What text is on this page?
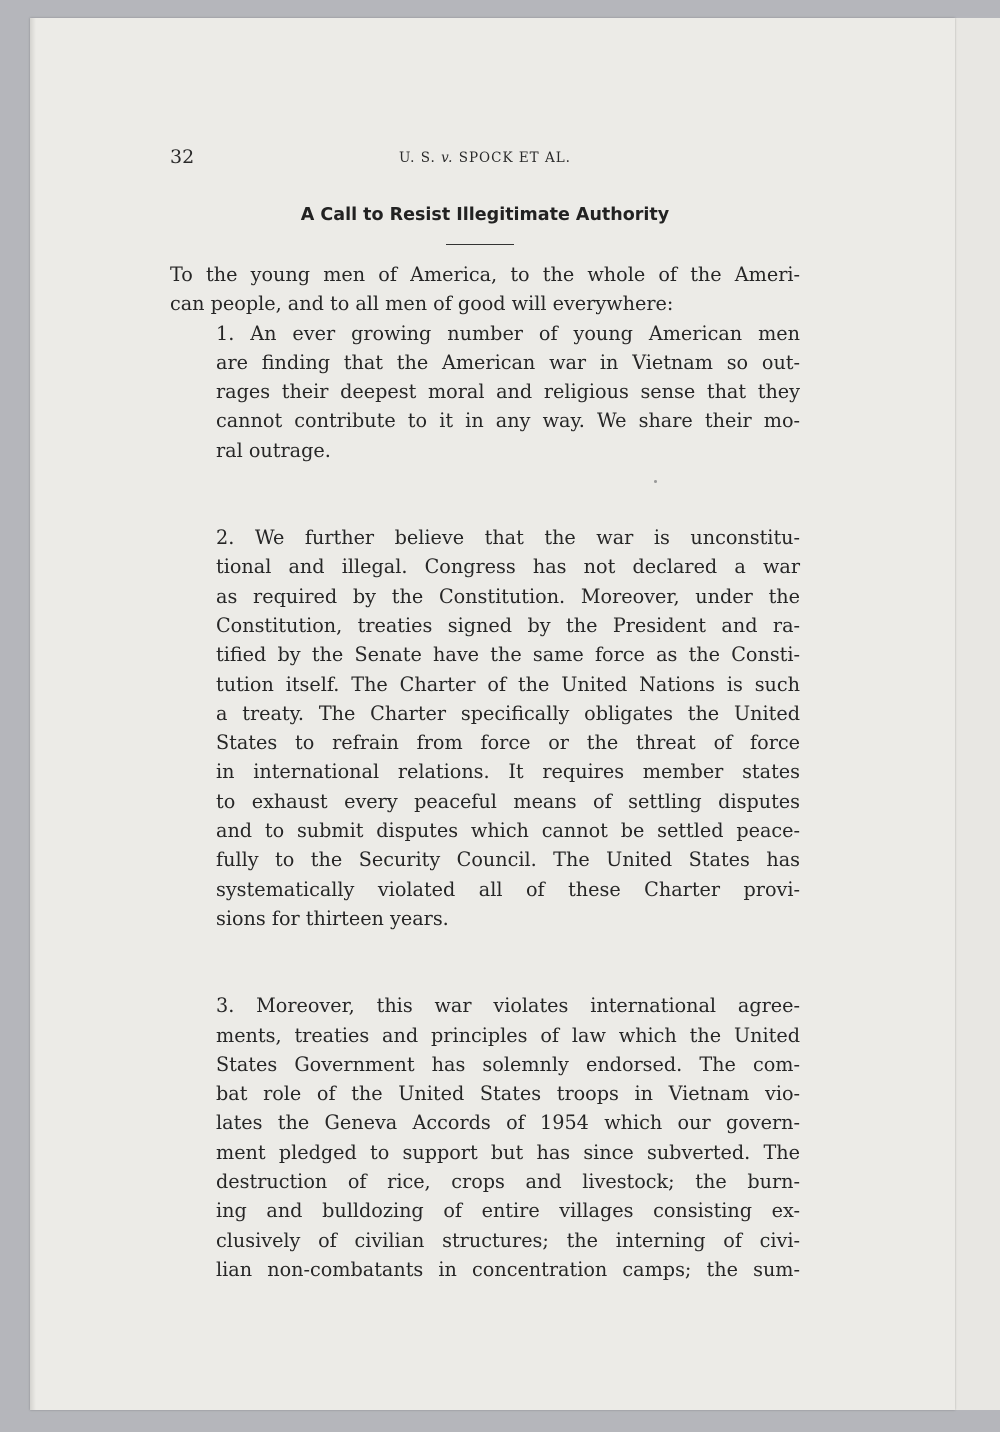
32	U. S. v. SPOCK ET AL.
A Call to Resist Illegitimate Authority
To the young men of America, to the whole of the Ameri-
can people, and to all men of good will everywhere:
1. An ever growing number of young American men
are finding that the American war in Vietnam so out-
rages their deepest moral and religious sense that they
cannot contribute to it in any way. We share their mo-
ral outrage.
2. We further believe that the war is unconstitu-
tional and illegal. Congress has not declared a war
as required by the Constitution. Moreover, under the
Constitution, treaties signed by the President and ra-
tified by the Senate have the same force as the Consti-
tution itself. The Charter of the United Nations is such
a treaty. The Charter specifically obligates the United
States to refrain from force or the threat of force
in international relations. It requires member states
to exhaust every peaceful means of settling disputes
and to submit disputes which cannot be settled peace-
fully to the Security Council. The United States has
systematically violated all of these Charter provi-
sions for thirteen years.
3. Moreover, this war violates international agree-
ments, treaties and principles of law which the United
States Government has solemnly endorsed. The com-
bat role of the United States troops in Vietnam vio-
lates the Geneva Accords of 1954 which our govern-
ment pledged to support but has since subverted. The
destruction of rice, crops and livestock; the burn-
ing and bulldozing of entire villages consisting ex-
clusively of civilian structures; the interning of civi-
lian non-combatants in concentration camps; the sum-
